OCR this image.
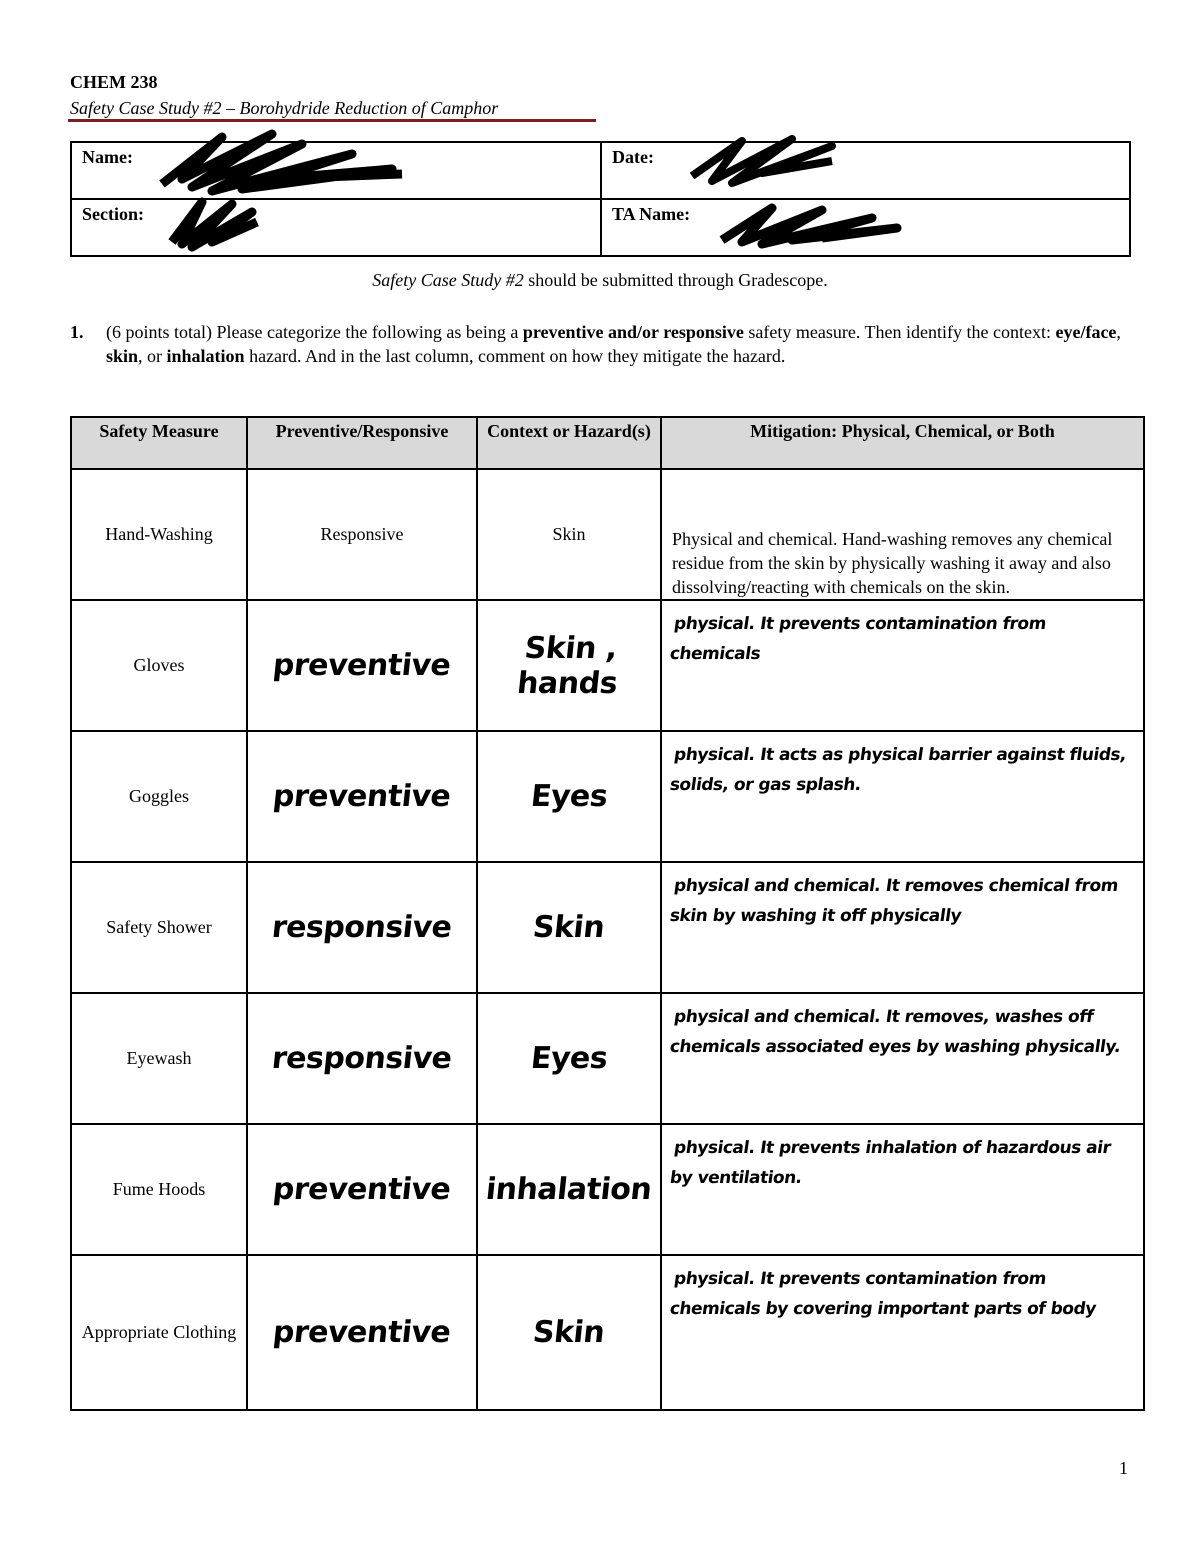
CHEM 238
Safety Case Study #2 – Borohydride Reduction of Camphor
Name:	Date:

Section:	TA Name:
Safety Case Study #2 should be submitted through Gradescope.
1. (6 points total) Please categorize the following as being a preventive and/or responsive safety measure. Then identify the context: eye/face, skin, or inhalation hazard. And in the last column, comment on how they mitigate the hazard.
Safety Measure	Preventive/Responsive	Context or Hazard(s)	Mitigation: Physical, Chemical, or Both
Hand-Washing	Responsive	Skin	Physical and chemical. Hand-washing removes any chemical residue from the skin by physically washing it away and also dissolving/reacting with chemicals on the skin.
Gloves	preventive	Skin , hands	physical. It prevents contamination from chemicals

Goggles	preventive	Eyes	physical. It acts as physical barrier against fluids, solids, or gas splash.

Safety Shower	responsive	Skin	physical and chemical. It removes chemical from skin by washing it off physically

Eyewash	responsive	Eyes	physical and chemical. It removes, washes off chemicals associated eyes by washing physically.

Fume Hoods	preventive	inhalation	physical. It prevents inhalation of hazardous air by ventilation.

Appropriate Clothing	preventive	Skin	physical. It prevents contamination from chemicals by covering important parts of body
1
